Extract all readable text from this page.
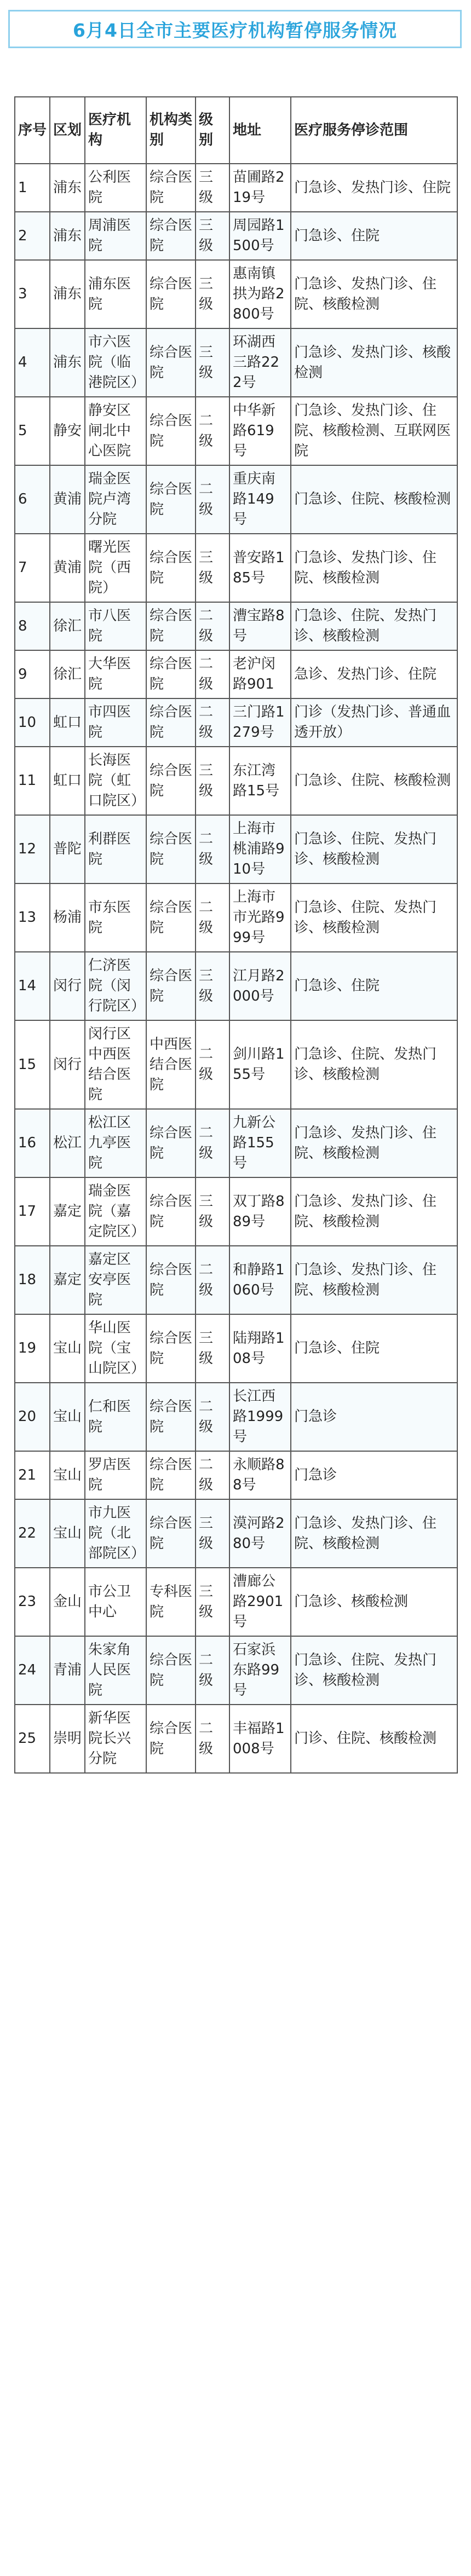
6月4日全市主要医疗机构暂停服务情况
序号	区划	医疗机构	机构类别	级别	地址	医疗服务停诊范围
1	浦东	公利医院	综合医院	三级	苗圃路219号	门急诊、发热门诊、住院
2	浦东	周浦医院	综合医院	三级	周园路1500号	门急诊、住院
3	浦东	浦东医院	综合医院	三级	惠南镇拱为路2800号	门急诊、发热门诊、住院、核酸检测
4	浦东	市六医院（临港院区）	综合医院	三级	环湖西三路222号	门急诊、发热门诊、核酸检测
5	静安	静安区闸北中心医院	综合医院	二级	中华新路619号	门急诊、发热门诊、住院、核酸检测、互联网医院
6	黄浦	瑞金医院卢湾分院	综合医院	二级	重庆南路149号	门急诊、住院、核酸检测
7	黄浦	曙光医院（西院）	综合医院	三级	普安路185号	门急诊、发热门诊、住院、核酸检测
8	徐汇	市八医院	综合医院	二级	漕宝路8号	门急诊、住院、发热门诊、核酸检测
9	徐汇	大华医院	综合医院	二级	老沪闵路901	急诊、发热门诊、住院
10	虹口	市四医院	综合医院	二级	三门路1279号	门诊（发热门诊、普通血透开放）
11	虹口	长海医院（虹口院区）	综合医院	三级	东江湾路15号	门急诊、住院、核酸检测
12	普陀	利群医院	综合医院	二级	上海市桃浦路910号	门急诊、住院、发热门诊、核酸检测
13	杨浦	市东医院	综合医院	二级	上海市市光路999号	门急诊、住院、发热门诊、核酸检测
14	闵行	仁济医院（闵行院区）	综合医院	三级	江月路2000号	门急诊、住院
15	闵行	闵行区中西医结合医院	中西医结合医院	二级	剑川路155号	门急诊、住院、发热门诊、核酸检测
16	松江	松江区九亭医院	综合医院	二级	九新公路155号	门急诊、发热门诊、住院、核酸检测
17	嘉定	瑞金医院（嘉定院区）	综合医院	三级	双丁路889号	门急诊、发热门诊、住院、核酸检测
18	嘉定	嘉定区安亭医院	综合医院	二级	和静路1060号	门急诊、发热门诊、住院、核酸检测
19	宝山	华山医院（宝山院区）	综合医院	三级	陆翔路108号	门急诊、住院
20	宝山	仁和医院	综合医院	二级	长江西路1999号	门急诊
21	宝山	罗店医院	综合医院	二级	永顺路88号	门急诊
22	宝山	市九医院（北部院区）	综合医院	三级	漠河路280号	门急诊、发热门诊、住院、核酸检测
23	金山	市公卫中心	专科医院	三级	漕廊公路2901号	门急诊、核酸检测
24	青浦	朱家角人民医院	综合医院	二级	石家浜东路99号	门急诊、住院、发热门诊、核酸检测
25	崇明	新华医院长兴分院	综合医院	二级	丰福路1008号	门诊、住院、核酸检测
